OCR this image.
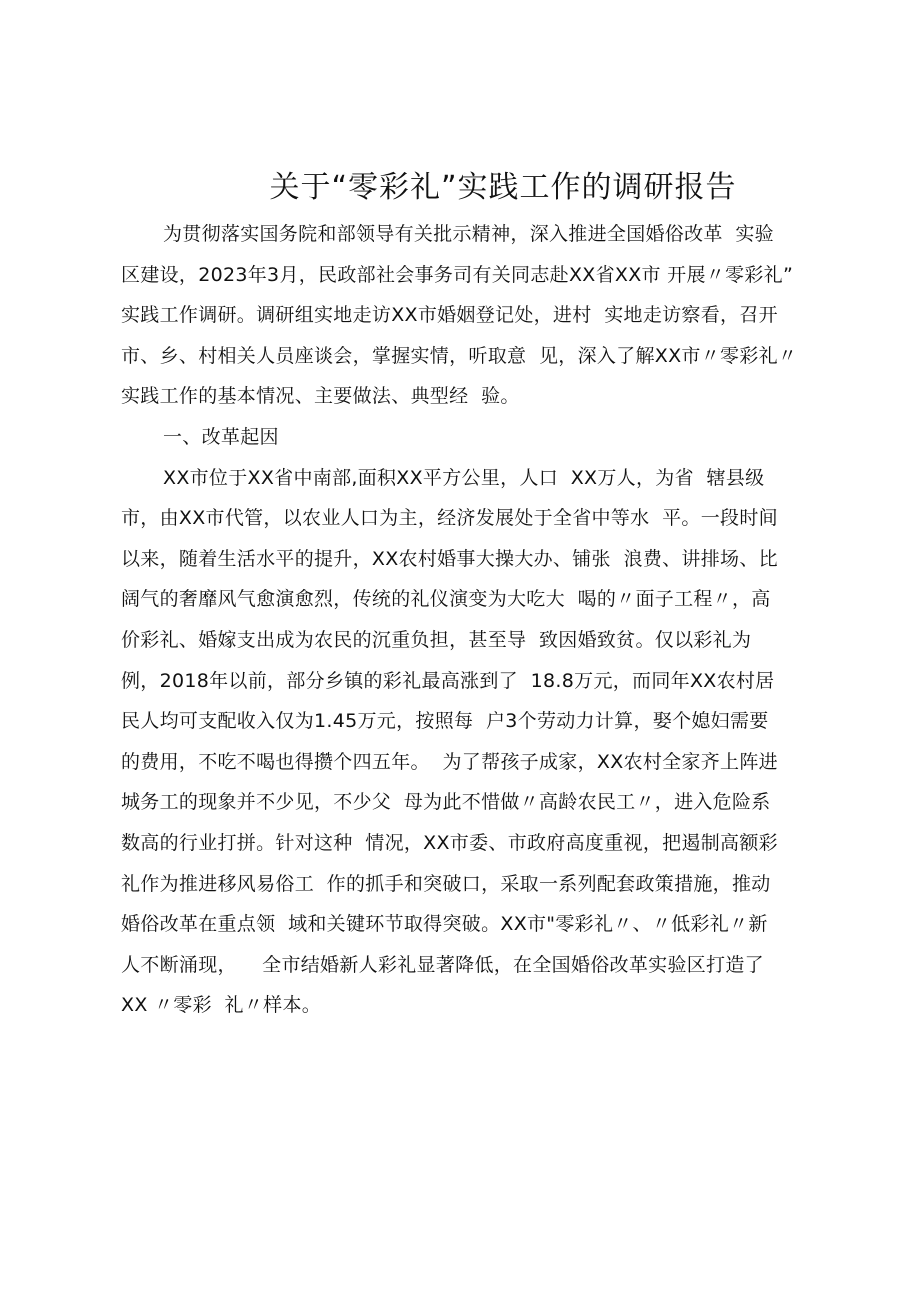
关于“零彩礼”实践工作的调研报告
为贯彻落实国务院和部领导有关批示精神，深入推进全国婚俗改革  实验
区建设，2023年3月，民政部社会事务司有关同志赴XX省XX市 开展〃零彩礼”
实践工作调研。调研组实地走访XX市婚姻登记处，进村  实地走访察看，召开
市、乡、村相关人员座谈会，掌握实情，听取意  见，深入了解XX市〃零彩礼〃
实践工作的基本情况、主要做法、典型经  验。
一、改革起因
XX市位于XX省中南部,面积XX平方公里，人口  XX万人，为省  辖县级
市，由XX市代管，以农业人口为主，经济发展处于全省中等水  平。一段时间
以来，随着生活水平的提升，XX农村婚事大操大办、铺张  浪费、讲排场、比
阔气的奢靡风气愈演愈烈，传统的礼仪演变为大吃大  喝的〃面子工程〃，高
价彩礼、婚嫁支出成为农民的沉重负担，甚至导  致因婚致贫。仅以彩礼为
例，2018年以前，部分乡镇的彩礼最高涨到了  18.8万元，而同年XX农村居
民人均可支配收入仅为1.45万元，按照每  户3个劳动力计算，娶个媳妇需要
的费用，不吃不喝也得攒个四五年。  为了帮孩子成家，XX农村全家齐上阵进
城务工的现象并不少见，不少父  母为此不惜做〃高龄农民工〃，进入危险系
数高的行业打拼。针对这种  情况，XX市委、市政府高度重视，把遏制高额彩
礼作为推进移风易俗工  作的抓手和突破口，采取一系列配套政策措施，推动
婚俗改革在重点领  域和关键环节取得突破。XX市"零彩礼〃、〃低彩礼〃新
人不断涌现，    全市结婚新人彩礼显著降低，在全国婚俗改革实验区打造了
XX 〃零彩  礼〃样本。
